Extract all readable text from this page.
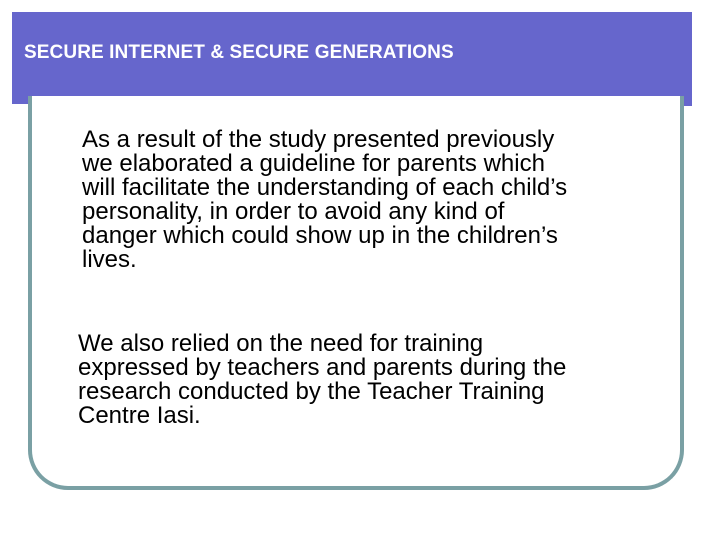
SECURE INTERNET & SECURE GENERATIONS

As a result of the study presented previously
we elaborated a guideline for parents which
will facilitate the understanding of each child’s
personality, in order to avoid any kind of
danger which could show up in the children’s
lives.

We also relied on the need for training
expressed by teachers and parents during the
research conducted by the Teacher Training
Centre Iasi.
